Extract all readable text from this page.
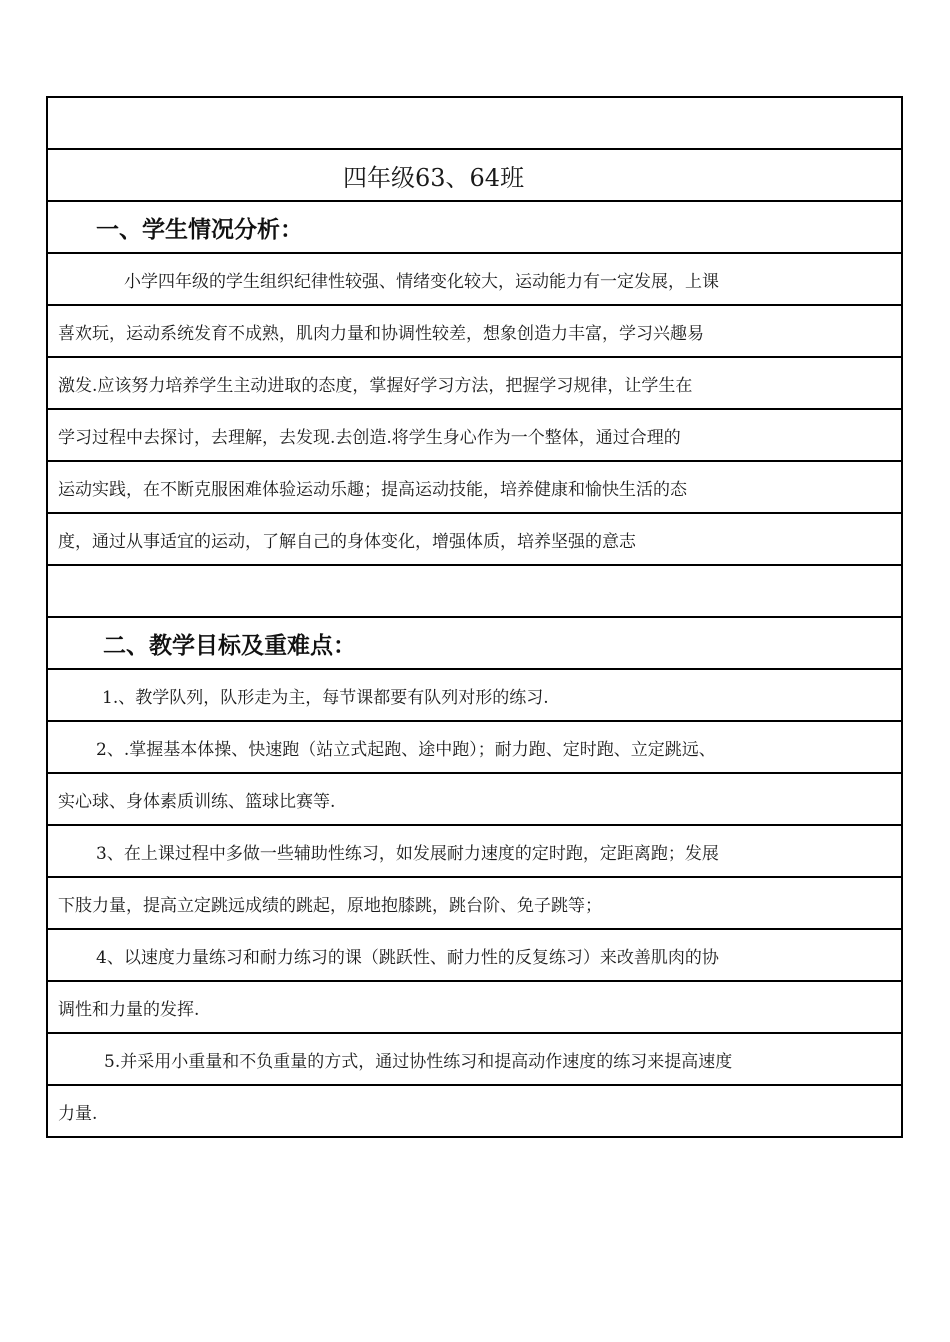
四年级63、64班
一、学生情况分析：
小学四年级的学生组织纪律性较强、情绪变化较大，运动能力有一定发展，上课
喜欢玩，运动系统发育不成熟，肌肉力量和协调性较差，想象创造力丰富，学习兴趣易
激发.应该努力培养学生主动进取的态度，掌握好学习方法，把握学习规律，让学生在
学习过程中去探讨，去理解，去发现.去创造.将学生身心作为一个整体，通过合理的
运动实践，在不断克服困难体验运动乐趣；提高运动技能，培养健康和愉快生活的态
度，通过从事适宜的运动，了解自己的身体变化，增强体质，培养坚强的意志
二、教学目标及重难点：
1.、教学队列，队形走为主，每节课都要有队列对形的练习.
2、.掌握基本体操、快速跑（站立式起跑、途中跑）；耐力跑、定时跑、立定跳远、
实心球、身体素质训练、篮球比赛等.
3、在上课过程中多做一些辅助性练习，如发展耐力速度的定时跑，定距离跑；发展
下肢力量，提高立定跳远成绩的跳起，原地抱膝跳，跳台阶、免子跳等；
4、以速度力量练习和耐力练习的课（跳跃性、耐力性的反复练习）来改善肌肉的协
调性和力量的发挥.
5.并采用小重量和不负重量的方式，通过协性练习和提高动作速度的练习来提高速度
力量.
